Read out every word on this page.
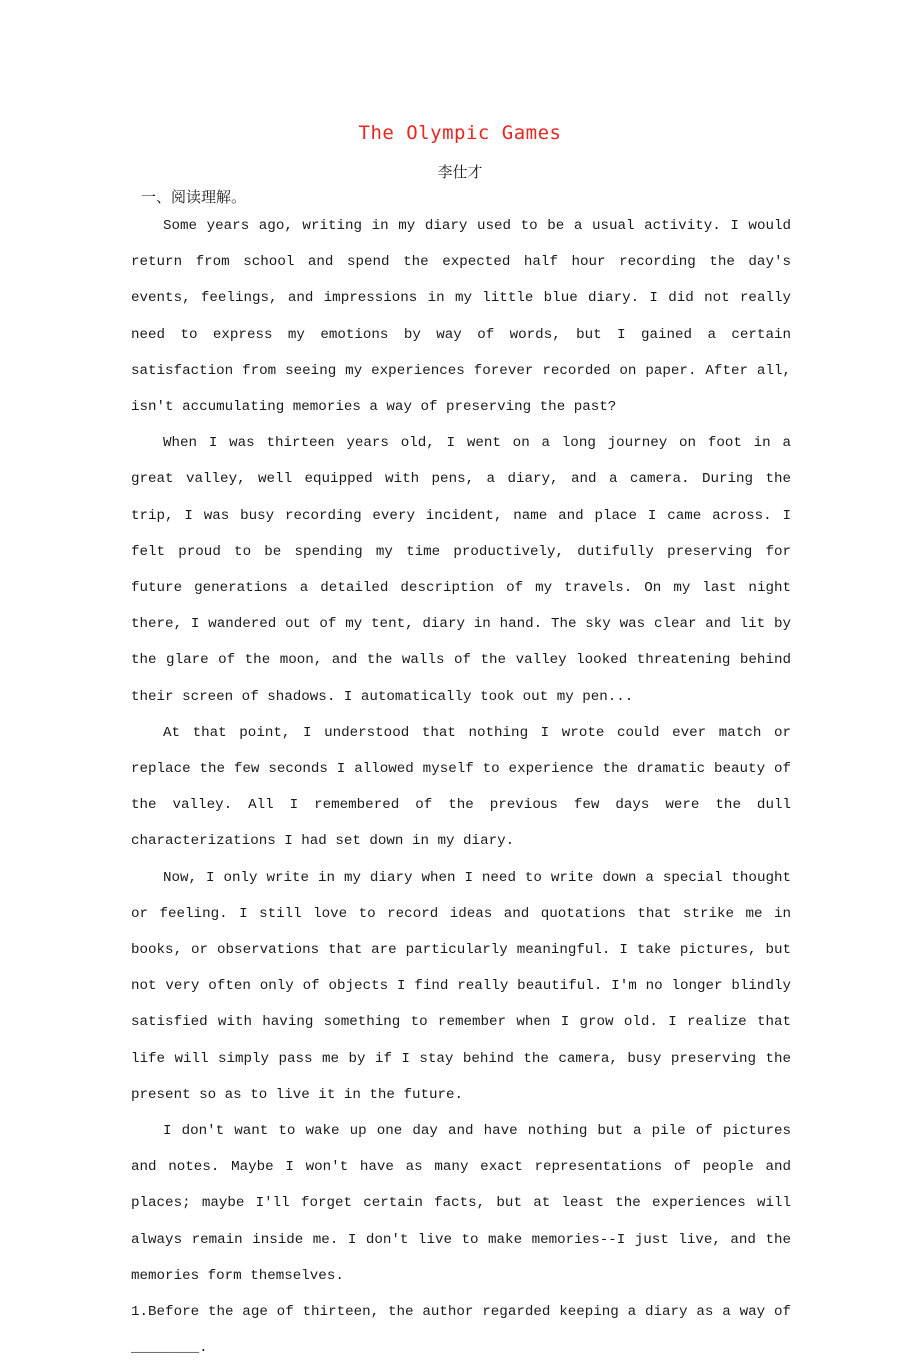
The Olympic Games
李仕才
一、阅读理解。

Some years ago, writing in my diary used to be a usual activity. I would return from school and spend the expected half hour recording the day's events, feelings, and impressions in my little blue diary. I did not really need to express my emotions by way of words, but I gained a certain satisfaction from seeing my experiences forever recorded on paper. After all, isn't accumulating memories a way of preserving the past?

When I was thirteen years old, I went on a long journey on foot in a great valley, well equipped with pens, a diary, and a camera. During the trip, I was busy recording every incident, name and place I came across. I felt proud to be spending my time productively, dutifully preserving for future generations a detailed description of my travels. On my last night there, I wandered out of my tent, diary in hand. The sky was clear and lit by the glare of the moon, and the walls of the valley looked threatening behind their screen of shadows. I automatically took out my pen...

At that point, I understood that nothing I wrote could ever match or replace the few seconds I allowed myself to experience the dramatic beauty of the valley. All I remembered of the previous few days were the dull characterizations I had set down in my diary.

Now, I only write in my diary when I need to write down a special thought or feeling. I still love to record ideas and quotations that strike me in books, or observations that are particularly meaningful. I take pictures, but not very often only of objects I find really beautiful. I'm no longer blindly satisfied with having something to remember when I grow old. I realize that life will simply pass me by if I stay behind the camera, busy preserving the present so as to live it in the future.

I don't want to wake up one day and have nothing but a pile of pictures and notes. Maybe I won't have as many exact representations of people and places; maybe I'll forget certain facts, but at least the experiences will always remain inside me. I don't live to make memories--I just live, and the memories form themselves.

1.Before the age of thirteen, the author regarded keeping a diary as a way of ________.
